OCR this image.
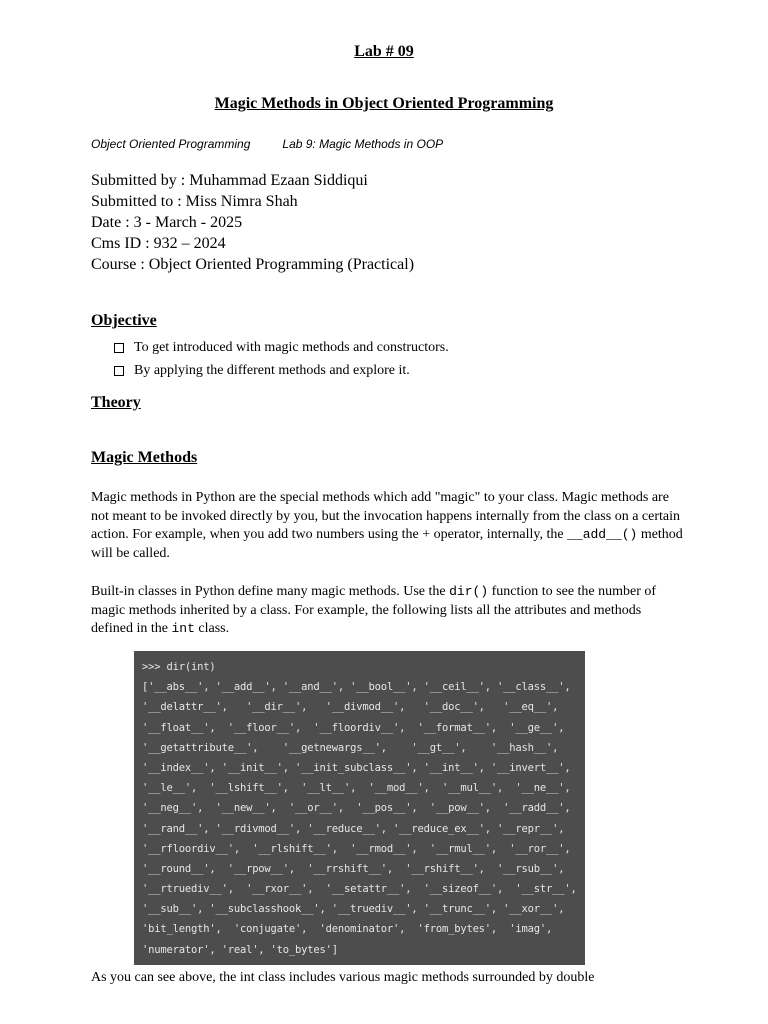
Lab # 09
Magic Methods in Object Oriented Programming
Object Oriented Programming	Lab 9: Magic Methods in OOP
Submitted by : Muhammad Ezaan Siddiqui
Submitted to : Miss Nimra Shah
Date : 3 - March - 2025
Cms ID : 932 – 2024
Course : Object Oriented Programming (Practical)
Objective
To get introduced with magic methods and constructors.
By applying the different methods and explore it.
Theory
Magic Methods

Magic methods in Python are the special methods which add "magic" to your class. Magic methods are not meant to be invoked directly by you, but the invocation happens internally from the class on a certain action. For example, when you add two numbers using the + operator, internally, the __add__() method will be called.

Built-in classes in Python define many magic methods. Use the dir() function to see the number of magic methods inherited by a class. For example, the following lists all the attributes and methods defined in the int class.

>>> dir(int)
['__abs__', '__add__', '__and__', '__bool__', '__ceil__', '__class__',
'__delattr__',   '__dir__',   '__divmod__',   '__doc__',   '__eq__',
'__float__',  '__floor__',  '__floordiv__',  '__format__',  '__ge__',
'__getattribute__',    '__getnewargs__',    '__gt__',    '__hash__',
'__index__', '__init__', '__init_subclass__', '__int__', '__invert__',
'__le__',  '__lshift__',  '__lt__',  '__mod__',  '__mul__',  '__ne__',
'__neg__',  '__new__',  '__or__',  '__pos__',  '__pow__',  '__radd__',
'__rand__', '__rdivmod__', '__reduce__', '__reduce_ex__', '__repr__',
'__rfloordiv__',  '__rlshift__',  '__rmod__',  '__rmul__',  '__ror__',
'__round__',  '__rpow__',  '__rrshift__',  '__rshift__',  '__rsub__',
'__rtruediv__',  '__rxor__',  '__setattr__',  '__sizeof__',  '__str__',
'__sub__', '__subclasshook__', '__truediv__', '__trunc__', '__xor__',
'bit_length',  'conjugate',  'denominator',  'from_bytes',  'imag',
'numerator', 'real', 'to_bytes']
As you can see above, the int class includes various magic methods surrounded by double
